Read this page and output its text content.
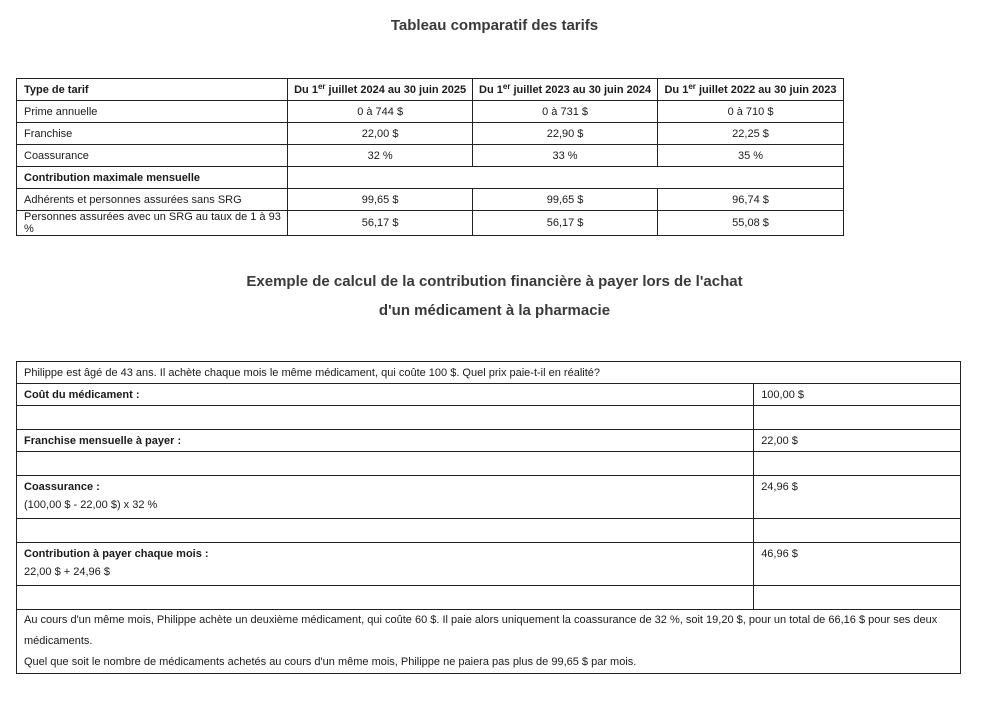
Tableau comparatif des tarifs
Type de tarif	Du 1er juillet 2024 au 30 juin 2025	Du 1er juillet 2023 au 30 juin 2024	Du 1er juillet 2022 au 30 juin 2023
Prime annuelle	0 à 744 $	0 à 731 $	0 à 710 $
Franchise	22,00 $	22,90 $	22,25 $
Coassurance	32 %	33 %	35 %
Contribution maximale mensuelle			
Adhérents et personnes assurées sans SRG	99,65 $	99,65 $	96,74 $
Personnes assurées avec un SRG au taux de 1 à 93 %	56,17 $	56,17 $	55,08 $
Exemple de calcul de la contribution financière à payer lors de l'achat
d'un médicament à la pharmacie
Philippe est âgé de 43 ans. Il achète chaque mois le même médicament, qui coûte 100 $. Quel prix paie-t-il en réalité?	
Coût du médicament :	100,00 $

Franchise mensuelle à payer :	22,00 $

Coassurance :
(100,00 $ - 22,00 $) x 32 %	24,96 $

Contribution à payer chaque mois :
22,00 $ + 24,96 $	46,96 $

Au cours d'un même mois, Philippe achète un deuxième médicament, qui coûte 60 $. Il paie alors uniquement la coassurance de 32 %, soit 19,20 $, pour un total de 66,16 $ pour ses deux médicaments.
Quel que soit le nombre de médicaments achetés au cours d'un même mois, Philippe ne paiera pas plus de 99,65 $ par mois.	
